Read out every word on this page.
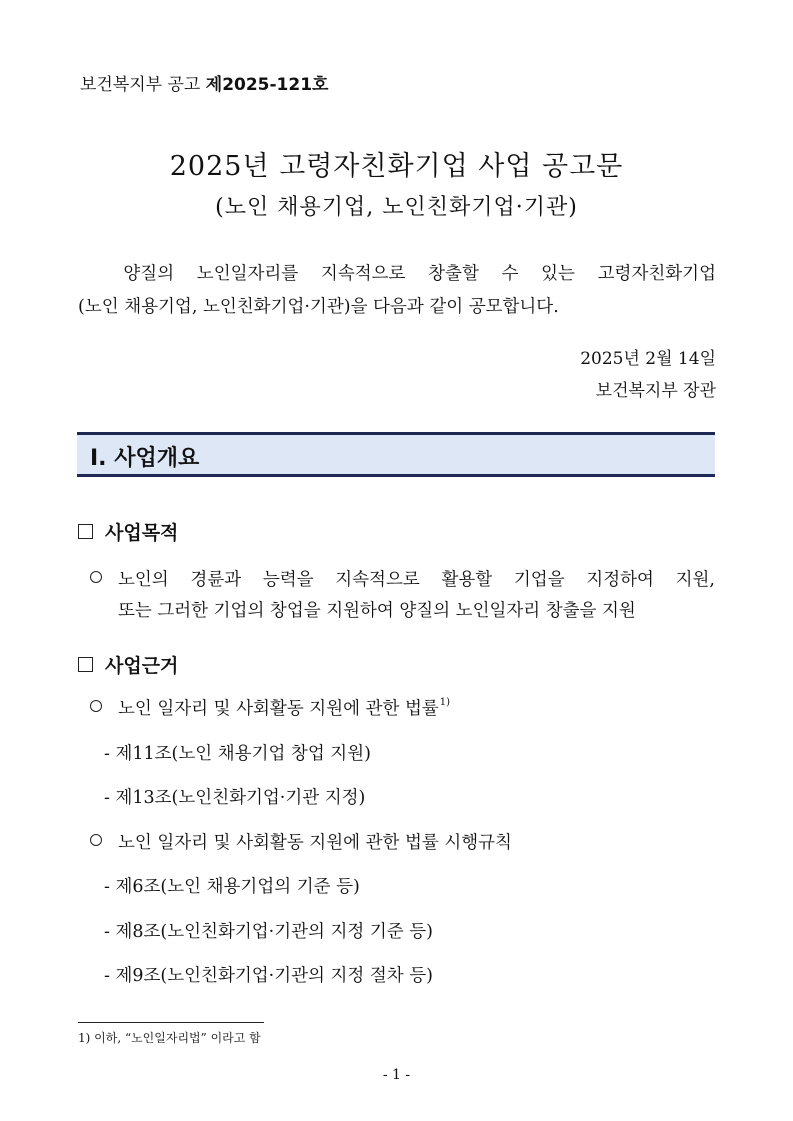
보건복지부 공고 제2025-121호
2025년 고령자친화기업 사업 공고문
(노인 채용기업, 노인친화기업·기관)
양질의 노인일자리를 지속적으로 창출할 수 있는 고령자친화기업
(노인 채용기업, 노인친화기업·기관)을 다음과 같이 공모합니다.
2025년 2월 14일
보건복지부 장관
Ⅰ. 사업개요
사업목적
노인의 경륜과 능력을 지속적으로 활용할 기업을 지정하여 지원,
또는 그러한 기업의 창업을 지원하여 양질의 노인일자리 창출을 지원
사업근거
노인 일자리 및 사회활동 지원에 관한 법률$^{1)}$
- 제11조(노인 채용기업 창업 지원)
- 제13조(노인친화기업·기관 지정)
노인 일자리 및 사회활동 지원에 관한 법률 시행규칙
- 제6조(노인 채용기업의 기준 등)
- 제8조(노인친화기업·기관의 지정 기준 등)
- 제9조(노인친화기업·기관의 지정 절차 등)
1) 이하, “노인일자리법” 이라고 함
- 1 -
